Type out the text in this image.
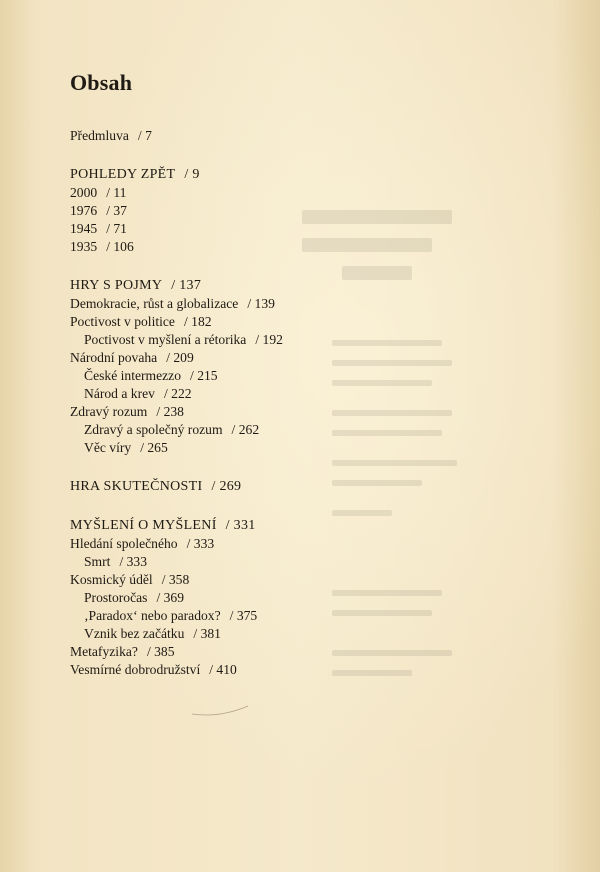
Obsah
Předmluva / 7
POHLEDY ZPĚT / 9
2000 / 11
1976 / 37
1945 / 71
1935 / 106
HRY S POJMY / 137
Demokracie, růst a globalizace / 139
Poctivost v politice / 182
Poctivost v myšlení a rétorika / 192
Národní povaha / 209
České intermezzo / 215
Národ a krev / 222
Zdravý rozum / 238
Zdravý a společný rozum / 262
Věc víry / 265
HRA SKUTEČNOSTI / 269
MYŠLENÍ O MYŠLENÍ / 331
Hledání společného / 333
Smrt / 333
Kosmický úděl / 358
Prostoročas / 369
‚Paradox‘ nebo paradox? / 375
Vznik bez začátku / 381
Metafyzika? / 385
Vesmírné dobrodružství / 410
